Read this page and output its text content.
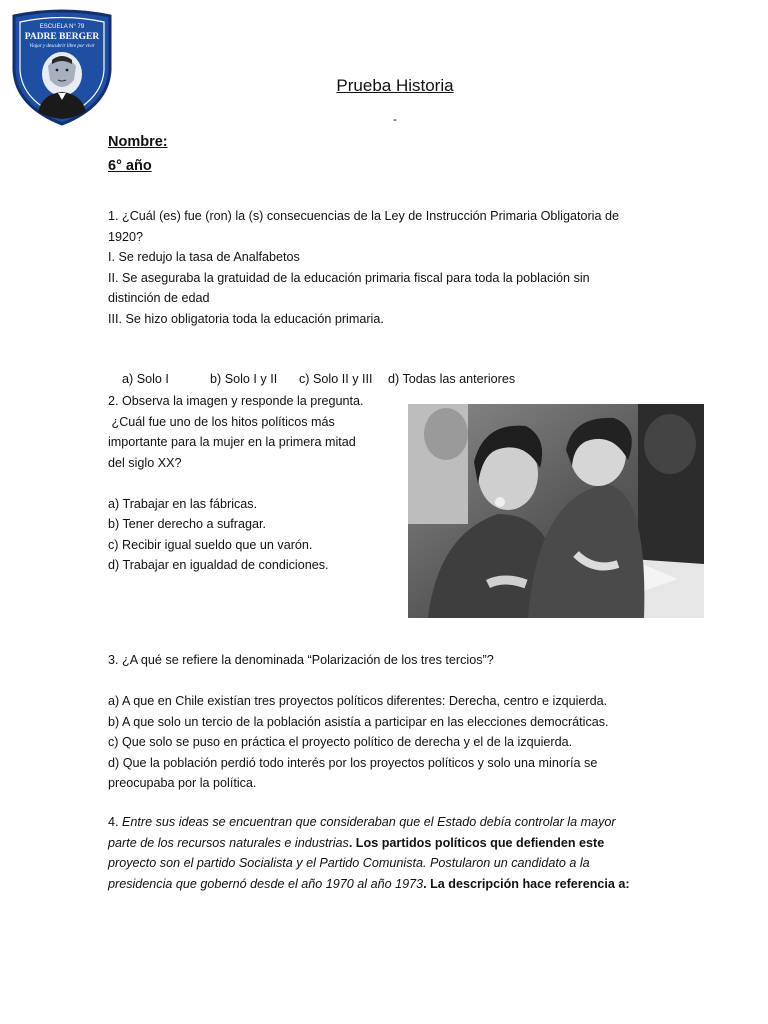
ESCUELA N° 79
PADRE BERGER
Viajar y descubrir libre por vivir
Prueba Historia
-
Nombre:
6° año

1. ¿Cuál (es) fue (ron) la (s) consecuencias de la Ley de Instrucción Primaria Obligatoria de

1920?

I. Se redujo la tasa de Analfabetos

II. Se aseguraba la gratuidad de la educación primaria fiscal para toda la población sin

distinción de edad

III. Se hizo obligatoria toda la educación primaria.

a) Solo I	b) Solo I y II c) Solo II y III d) Todas las anteriores

2. Observa la imagen y responde la pregunta.

¿Cuál fue uno de los hitos políticos más

importante para la mujer en la primera mitad

del siglo XX?

a) Trabajar en las fábricas.

b) Tener derecho a sufragar.

c) Recibir igual sueldo que un varón.

d) Trabajar en igualdad de condiciones.

3. ¿A qué se refiere la denominada “Polarización de los tres tercios”?

a) A que en Chile existían tres proyectos políticos diferentes: Derecha, centro e izquierda.

b) A que solo un tercio de la población asistía a participar en las elecciones democráticas.

c) Que solo se puso en práctica el proyecto político de derecha y el de la izquierda.

d) Que la población perdió todo interés por los proyectos políticos y solo una minoría se

preocupaba por la política.

4. Entre sus ideas se encuentran que consideraban que el Estado debía controlar la mayor

parte de los recursos naturales e industrias. Los partidos políticos que defienden este

proyecto son el partido Socialista y el Partido Comunista. Postularon un candidato a la

presidencia que gobernó desde el año 1970 al año 1973. La descripción hace referencia a:
